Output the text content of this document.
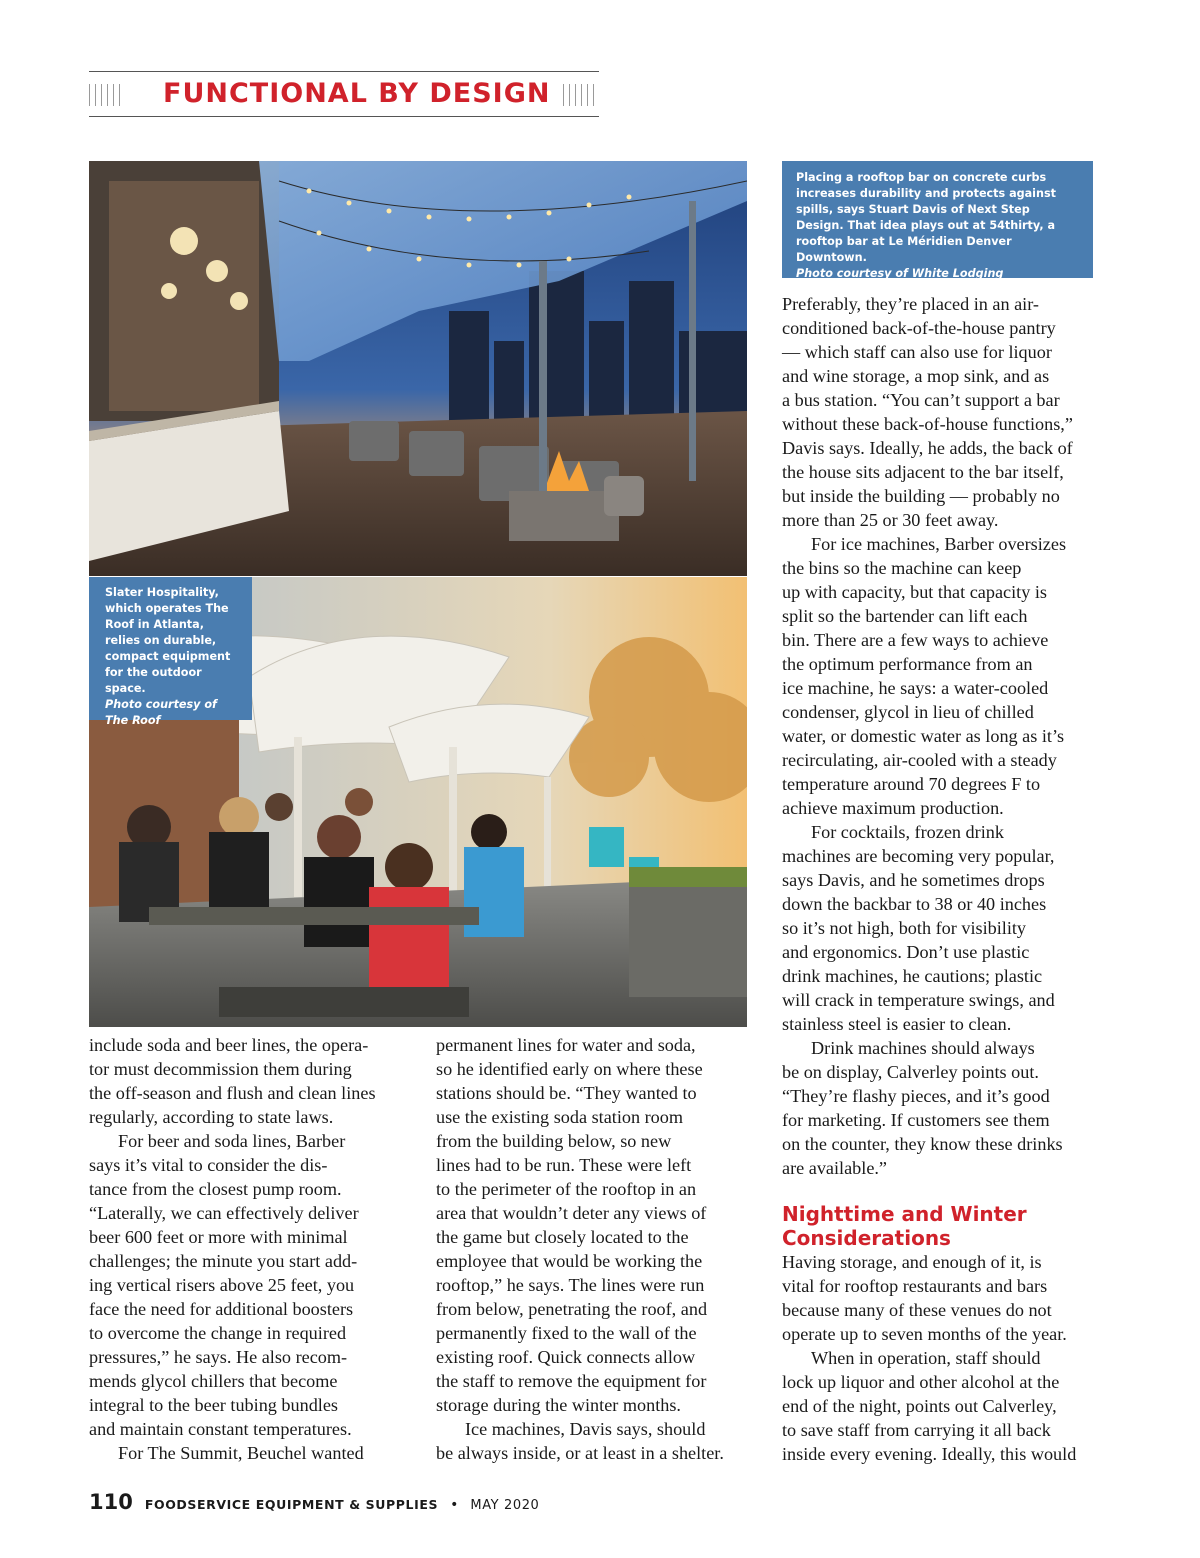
FUNCTIONAL BY DESIGN
Placing a rooftop bar on concrete curbs increases durability and protects against spills, says Stuart Davis of Next Step Design. That idea plays out at 54thirty, a rooftop bar at Le Méridien Denver Downtown.
Photo courtesy of White Lodging
Slater Hospitality, which operates The Roof in Atlanta, relies on durable, compact equipment for the outdoor space.
Photo courtesy of The Roof

include soda and beer lines, the opera-
tor must decommission them during
the off-season and flush and clean lines
regularly, according to state laws.

For beer and soda lines, Barber
says it’s vital to consider the dis-
tance from the closest pump room.
“Laterally, we can effectively deliver
beer 600 feet or more with minimal
challenges; the minute you start add-
ing vertical risers above 25 feet, you
face the need for additional boosters
to overcome the change in required
pressures,” he says. He also recom-
mends glycol chillers that become
integral to the beer tubing bundles
and maintain constant temperatures.

For The Summit, Beuchel wanted

permanent lines for water and soda,
so he identified early on where these
stations should be. “They wanted to
use the existing soda station room
from the building below, so new
lines had to be run. These were left
to the perimeter of the rooftop in an
area that wouldn’t deter any views of
the game but closely located to the
employee that would be working the
rooftop,” he says. The lines were run
from below, penetrating the roof, and
permanently fixed to the wall of the
existing roof. Quick connects allow
the staff to remove the equipment for
storage during the winter months.

Ice machines, Davis says, should
be always inside, or at least in a shelter.

Preferably, they’re placed in an air-
conditioned back-of-the-house pantry
— which staff can also use for liquor
and wine storage, a mop sink, and as
a bus station. “You can’t support a bar
without these back-of-house functions,”
Davis says. Ideally, he adds, the back of
the house sits adjacent to the bar itself,
but inside the building — probably no
more than 25 or 30 feet away.

For ice machines, Barber oversizes
the bins so the machine can keep
up with capacity, but that capacity is
split so the bartender can lift each
bin. There are a few ways to achieve
the optimum performance from an
ice machine, he says: a water-cooled
condenser, glycol in lieu of chilled
water, or domestic water as long as it’s
recirculating, air-cooled with a steady
temperature around 70 degrees F to
achieve maximum production.

For cocktails, frozen drink
machines are becoming very popular,
says Davis, and he sometimes drops
down the backbar to 38 or 40 inches
so it’s not high, both for visibility
and ergonomics. Don’t use plastic
drink machines, he cautions; plastic
will crack in temperature swings, and
stainless steel is easier to clean.

Drink machines should always
be on display, Calverley points out.
“They’re flashy pieces, and it’s good
for marketing. If customers see them
on the counter, they know these drinks
are available.”

Nighttime and Winter
Considerations

Having storage, and enough of it, is
vital for rooftop restaurants and bars
because many of these venues do not
operate up to seven months of the year.

When in operation, staff should
lock up liquor and other alcohol at the
end of the night, points out Calverley,
to save staff from carrying it all back
inside every evening. Ideally, this would

110 FOODSERVICE EQUIPMENT & SUPPLIES • MAY 2020
